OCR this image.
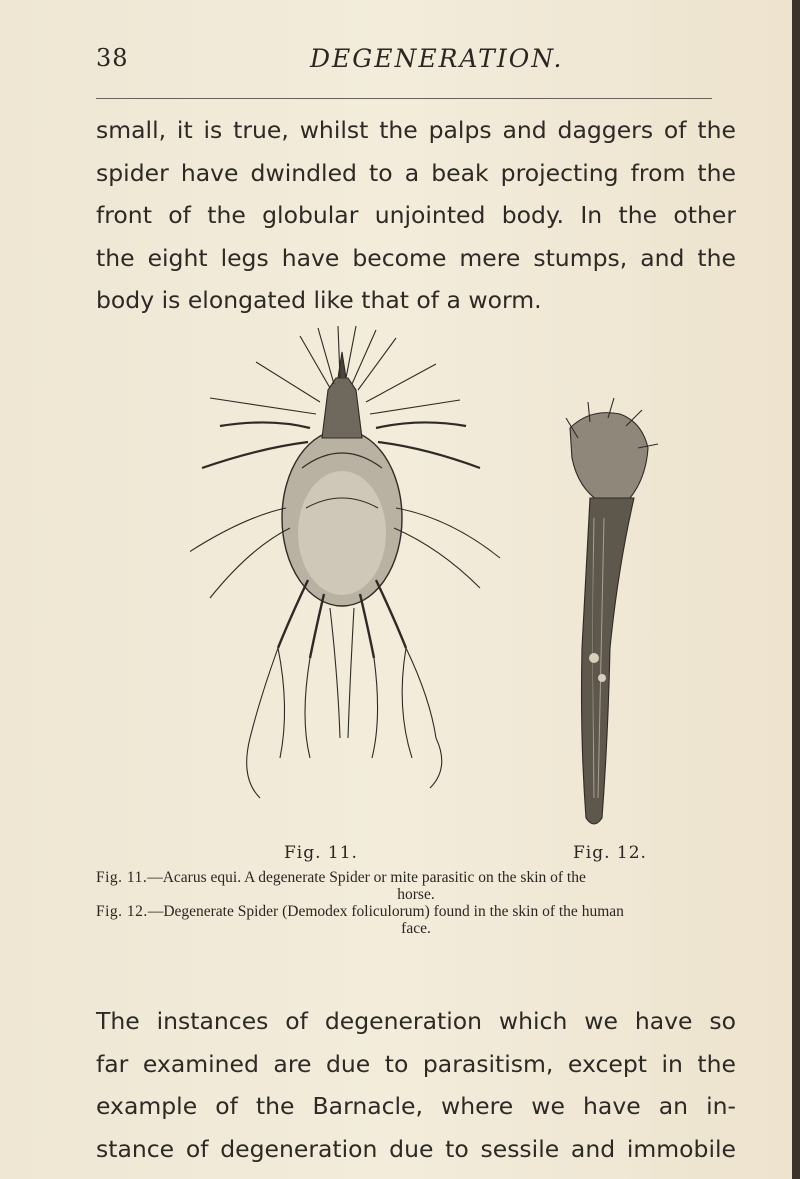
38	DEGENERATION.
small, it is true, whilst the palps and daggers of the
spider have dwindled to a beak projecting from the
front of the globular unjointed body. In the other
the eight legs have become mere stumps, and the
body is elongated like that of a worm.
Fig. 11.	Fig. 12.

Fig. 11.—Acarus equi. A degenerate Spider or mite parasitic on the skin of the
horse.

Fig. 12.—Degenerate Spider (Demodex foliculorum) found in the skin of the human
face.

The instances of degeneration which we have so
far examined are due to parasitism, except in the
example of the Barnacle, where we have an in-
stance of degeneration due to sessile and immobile
